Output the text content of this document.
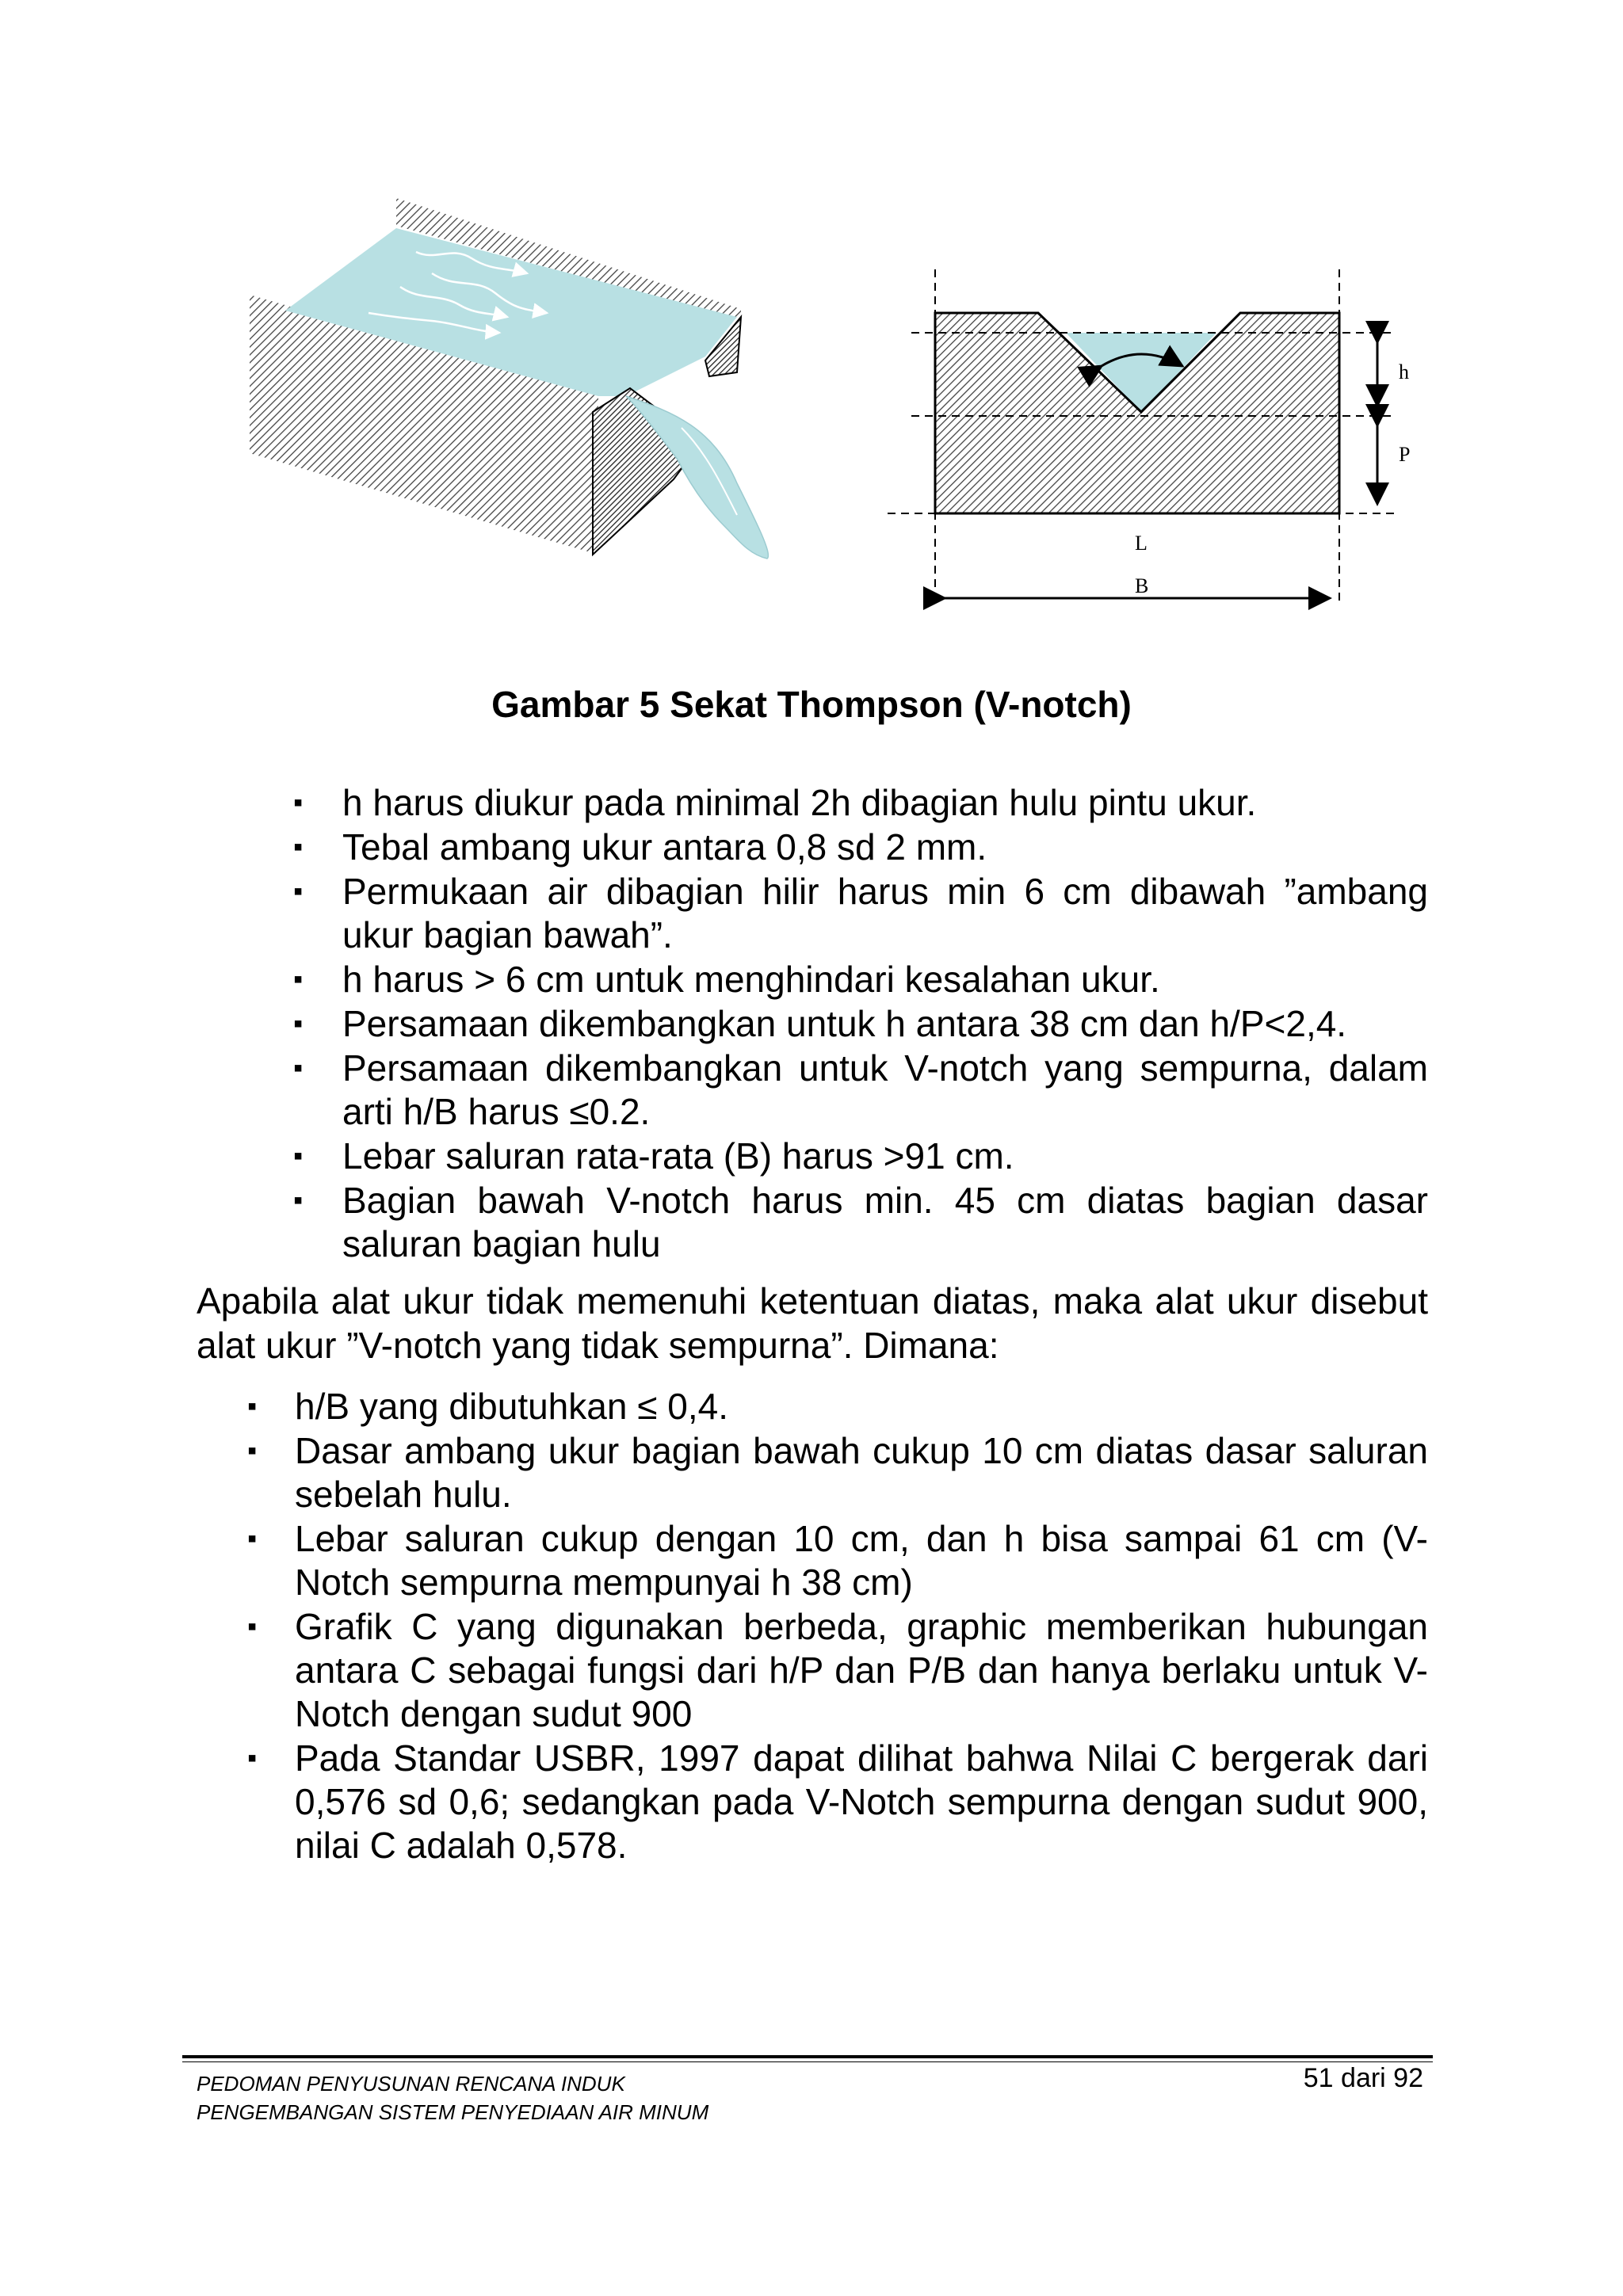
h
P
L
B
Gambar 5 Sekat Thompson (V-notch)
▪ h harus diukur pada minimal 2h dibagian hulu pintu ukur.
▪ Tebal ambang ukur antara 0,8 sd 2 mm.
▪ Permukaan air dibagian hilir harus min 6 cm dibawah ”ambang ukur bagian bawah”.
▪ h harus > 6 cm untuk menghindari kesalahan ukur.
▪ Persamaan dikembangkan untuk h antara 38 cm dan h/P<2,4.
▪ Persamaan dikembangkan untuk V-notch yang sempurna, dalam arti h/B harus ≤0.2.
▪ Lebar saluran rata-rata (B) harus >91 cm.
▪ Bagian bawah V-notch harus min. 45 cm diatas bagian dasar saluran bagian hulu
Apabila alat ukur tidak memenuhi ketentuan diatas, maka alat ukur disebut alat ukur ”V-notch yang tidak sempurna”. Dimana:
▪ h/B yang dibutuhkan ≤ 0,4.
▪ Dasar ambang ukur bagian bawah cukup 10 cm diatas dasar saluran sebelah hulu.
▪ Lebar saluran cukup dengan 10 cm, dan h bisa sampai 61 cm (V-Notch sempurna mempunyai h 38 cm)
▪ Grafik C yang digunakan berbeda, graphic memberikan hubungan antara C sebagai fungsi dari h/P dan P/B dan hanya berlaku untuk V-Notch dengan sudut 900
▪ Pada Standar USBR, 1997 dapat dilihat bahwa Nilai C bergerak dari 0,576 sd 0,6; sedangkan pada V-Notch sempurna dengan sudut 900, nilai C adalah 0,578.
PEDOMAN PENYUSUNAN RENCANA INDUK
PENGEMBANGAN SISTEM PENYEDIAAN AIR MINUM
51 dari 92
